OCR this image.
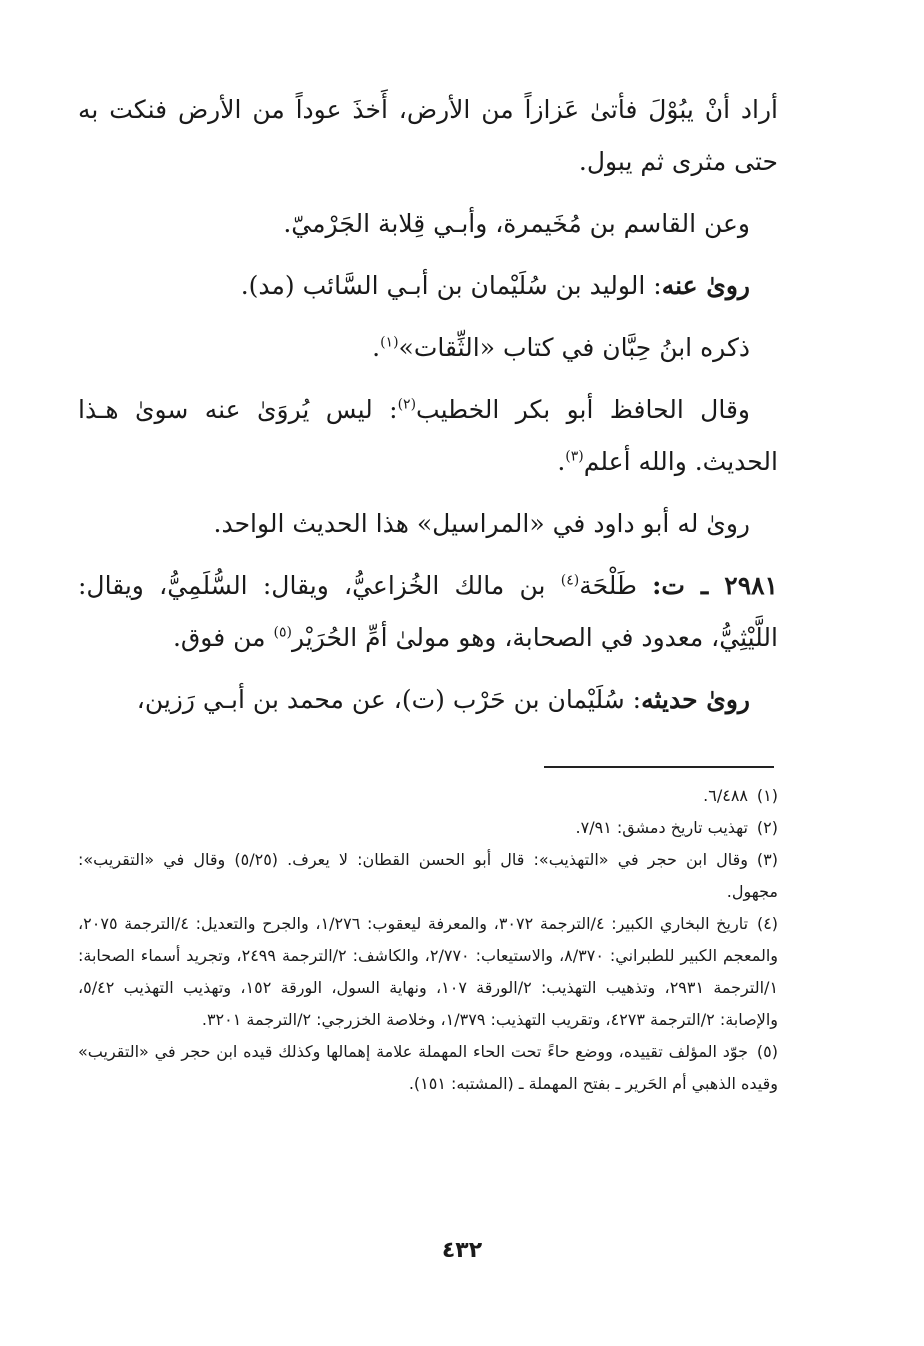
أراد أنْ يبُوْلَ فأتىٰ عَزازاً من الأرض، أَخذَ عوداً من الأرض فنكت به حتى مثرى ثم يبول.

وعن القاسم بن مُخَيمرة، وأبـي قِلابة الجَرْميّ.

روىٰ عنه: الوليد بن سُلَيْمان بن أبـي السَّائب (مد).

ذكره ابنُ حِبَّان في كتاب «الثِّقات»$^{(١)}$.

وقال الحافظ أبو بكر الخطيب$^{(٢)}$: ليس يُروَىٰ عنه سوىٰ هـذا الحديث. والله أعلم$^{(٣)}$.

روىٰ له أبو داود في «المراسيل» هذا الحديث الواحد.

٢٩٨١ ـ ت: طَلْحَة$^{(٤)}$ بن مالك الخُزاعيُّ، ويقال: السُّلَمِيُّ، ويقال: اللَّيْثِيُّ، معدود في الصحابة، وهو مولىٰ أمِّ الحُرَيْر$^{(٥)}$ من فوق.

روىٰ حديثه: سُلَيْمان بن حَرْب (ت)، عن محمد بن أبـي رَزين،

(١)٦/٤٨٨.

(٢)تهذيب تاريخ دمشق: ٧/٩١.

(٣)وقال ابن حجر في «التهذيب»: قال أبو الحسن القطان: لا يعرف. (٥/٢٥) وقال في «التقريب»: مجهول.

(٤)تاريخ البخاري الكبير: ٤/الترجمة ٣٠٧٢، والمعرفة ليعقوب: ١/٢٧٦، والجرح والتعديل: ٤/الترجمة ٢٠٧٥، والمعجم الكبير للطبراني: ٨/٣٧٠، والاستيعاب: ٢/٧٧٠، والكاشف: ٢/الترجمة ٢٤٩٩، وتجريد أسماء الصحابة: ١/الترجمة ٢٩٣١، وتذهيب التهذيب: ٢/الورقة ١٠٧، ونهاية السول، الورقة ١٥٢، وتهذيب التهذيب ٥/٤٢، والإصابة: ٢/الترجمة ٤٢٧٣، وتقريب التهذيب: ١/٣٧٩، وخلاصة الخزرجي: ٢/الترجمة ٣٢٠١.

(٥)جوّد المؤلف تقييده، ووضع حاءً تحت الحاء المهملة علامة إهمالها وكذلك قيده ابن حجر في «التقريب» وقيده الذهبي أم الحَرير ـ بفتح المهملة ـ (المشتبه: ١٥١).

٤٣٢
